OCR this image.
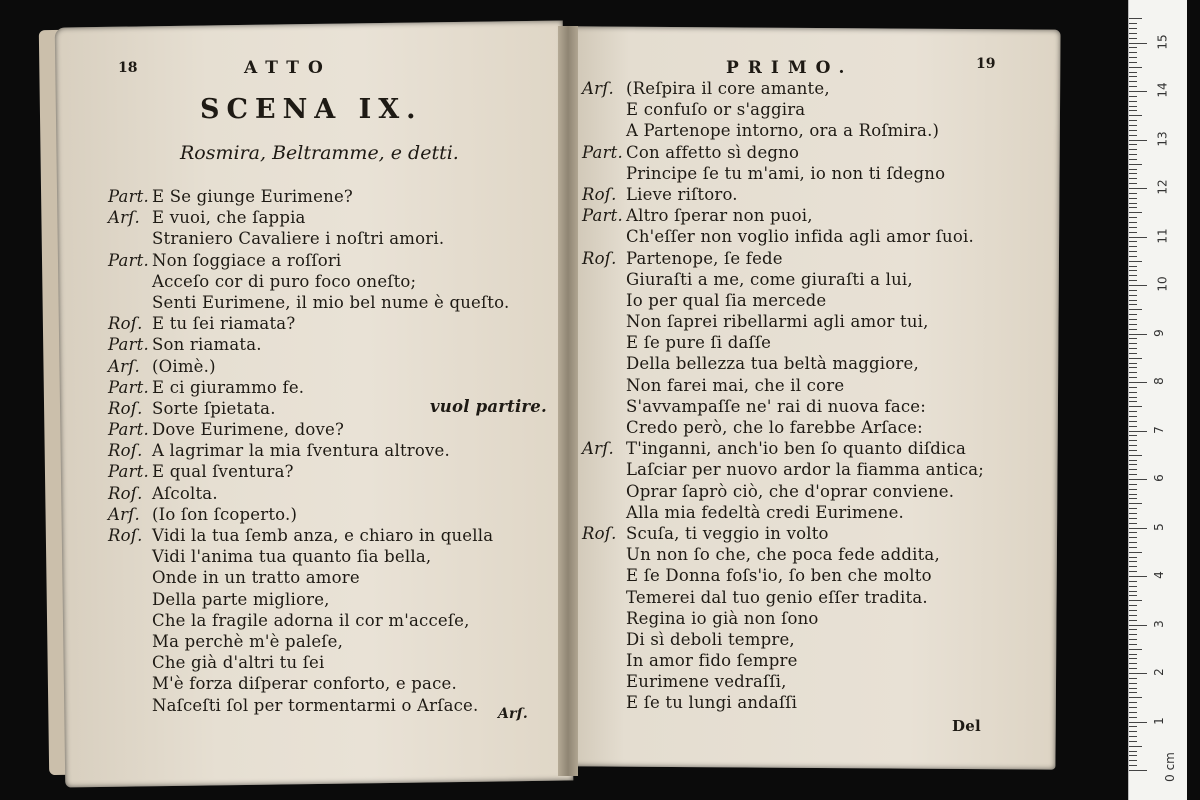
18	ATTO
SCENA IX.
Rosmira, Beltramme, e detti.
Part. E Se giunge Eurimene?
Arſ. E vuoi, che ſappia
Straniero Cavaliere i noſtri amori.
Part. Non ſoggiace a roſſori
Acceſo cor di puro foco oneſto;
Senti Eurimene, il mio bel nume è queſto.
Roſ. E tu ſei riamata?
Part. Son riamata.
Arſ. (Oimè.)
Part. E ci giurammo fe.
Roſ. Sorte ſpietata.
Part. Dove Eurimene, dove?
Roſ. A lagrimar la mia ſventura altrove.
Part. E qual ſventura?
Roſ. Aſcolta.
Arſ. (Io ſon ſcoperto.)
Roſ. Vidi la tua ſemb anza, e chiaro in quella
Vidi l'anima tua quanto ſia bella,
Onde in un tratto amore
Della parte migliore,
Che la fragile adorna il cor m'acceſe,
Ma perchè m'è paleſe,
Che già d'altri tu ſei
M'è forza diſperar conforto, e pace.
Naſceſti ſol per tormentarmi o Arſace.
vuol partire.
Arſ.
PRIMO.	19
Arſ. (Reſpira il core amante,
E confuſo or s'aggira
A Partenope intorno, ora a Roſmira.)
Part. Con affetto sì degno
Principe ſe tu m'ami, io non ti ſdegno
Roſ. Lieve riſtoro.
Part. Altro ſperar non puoi,
Ch'eſſer non voglio infida agli amor ſuoi.
Roſ. Partenope, ſe fede
Giuraſti a me, come giuraſti a lui,
Io per qual ſia mercede
Non ſaprei ribellarmi agli amor tui,
E ſe pure ſi daſſe
Della bellezza tua beltà maggiore,
Non farei mai, che il core
S'avvampaſſe ne' rai di nuova face:
Credo però, che lo farebbe Arſace:
Arſ. T'inganni, anch'io ben ſo quanto diſdica
Laſciar per nuovo ardor la fiamma antica;
Oprar ſaprò ciò, che d'oprar conviene.
Alla mia fedeltà credi Eurimene.
Roſ. Scuſa, ti veggio in volto
Un non ſo che, che poca fede addita,
E ſe Donna foſs'io, ſo ben che molto
Temerei dal tuo genio eſſer tradita.
Regina io già non ſono
Di sì deboli tempre,
In amor fido ſempre
Eurimene vedraſſi,
E ſe tu lungi andaſſi
Del
0 cm
1
2
3
4
5
6
7
8
9
10
11
12
13
14
15
